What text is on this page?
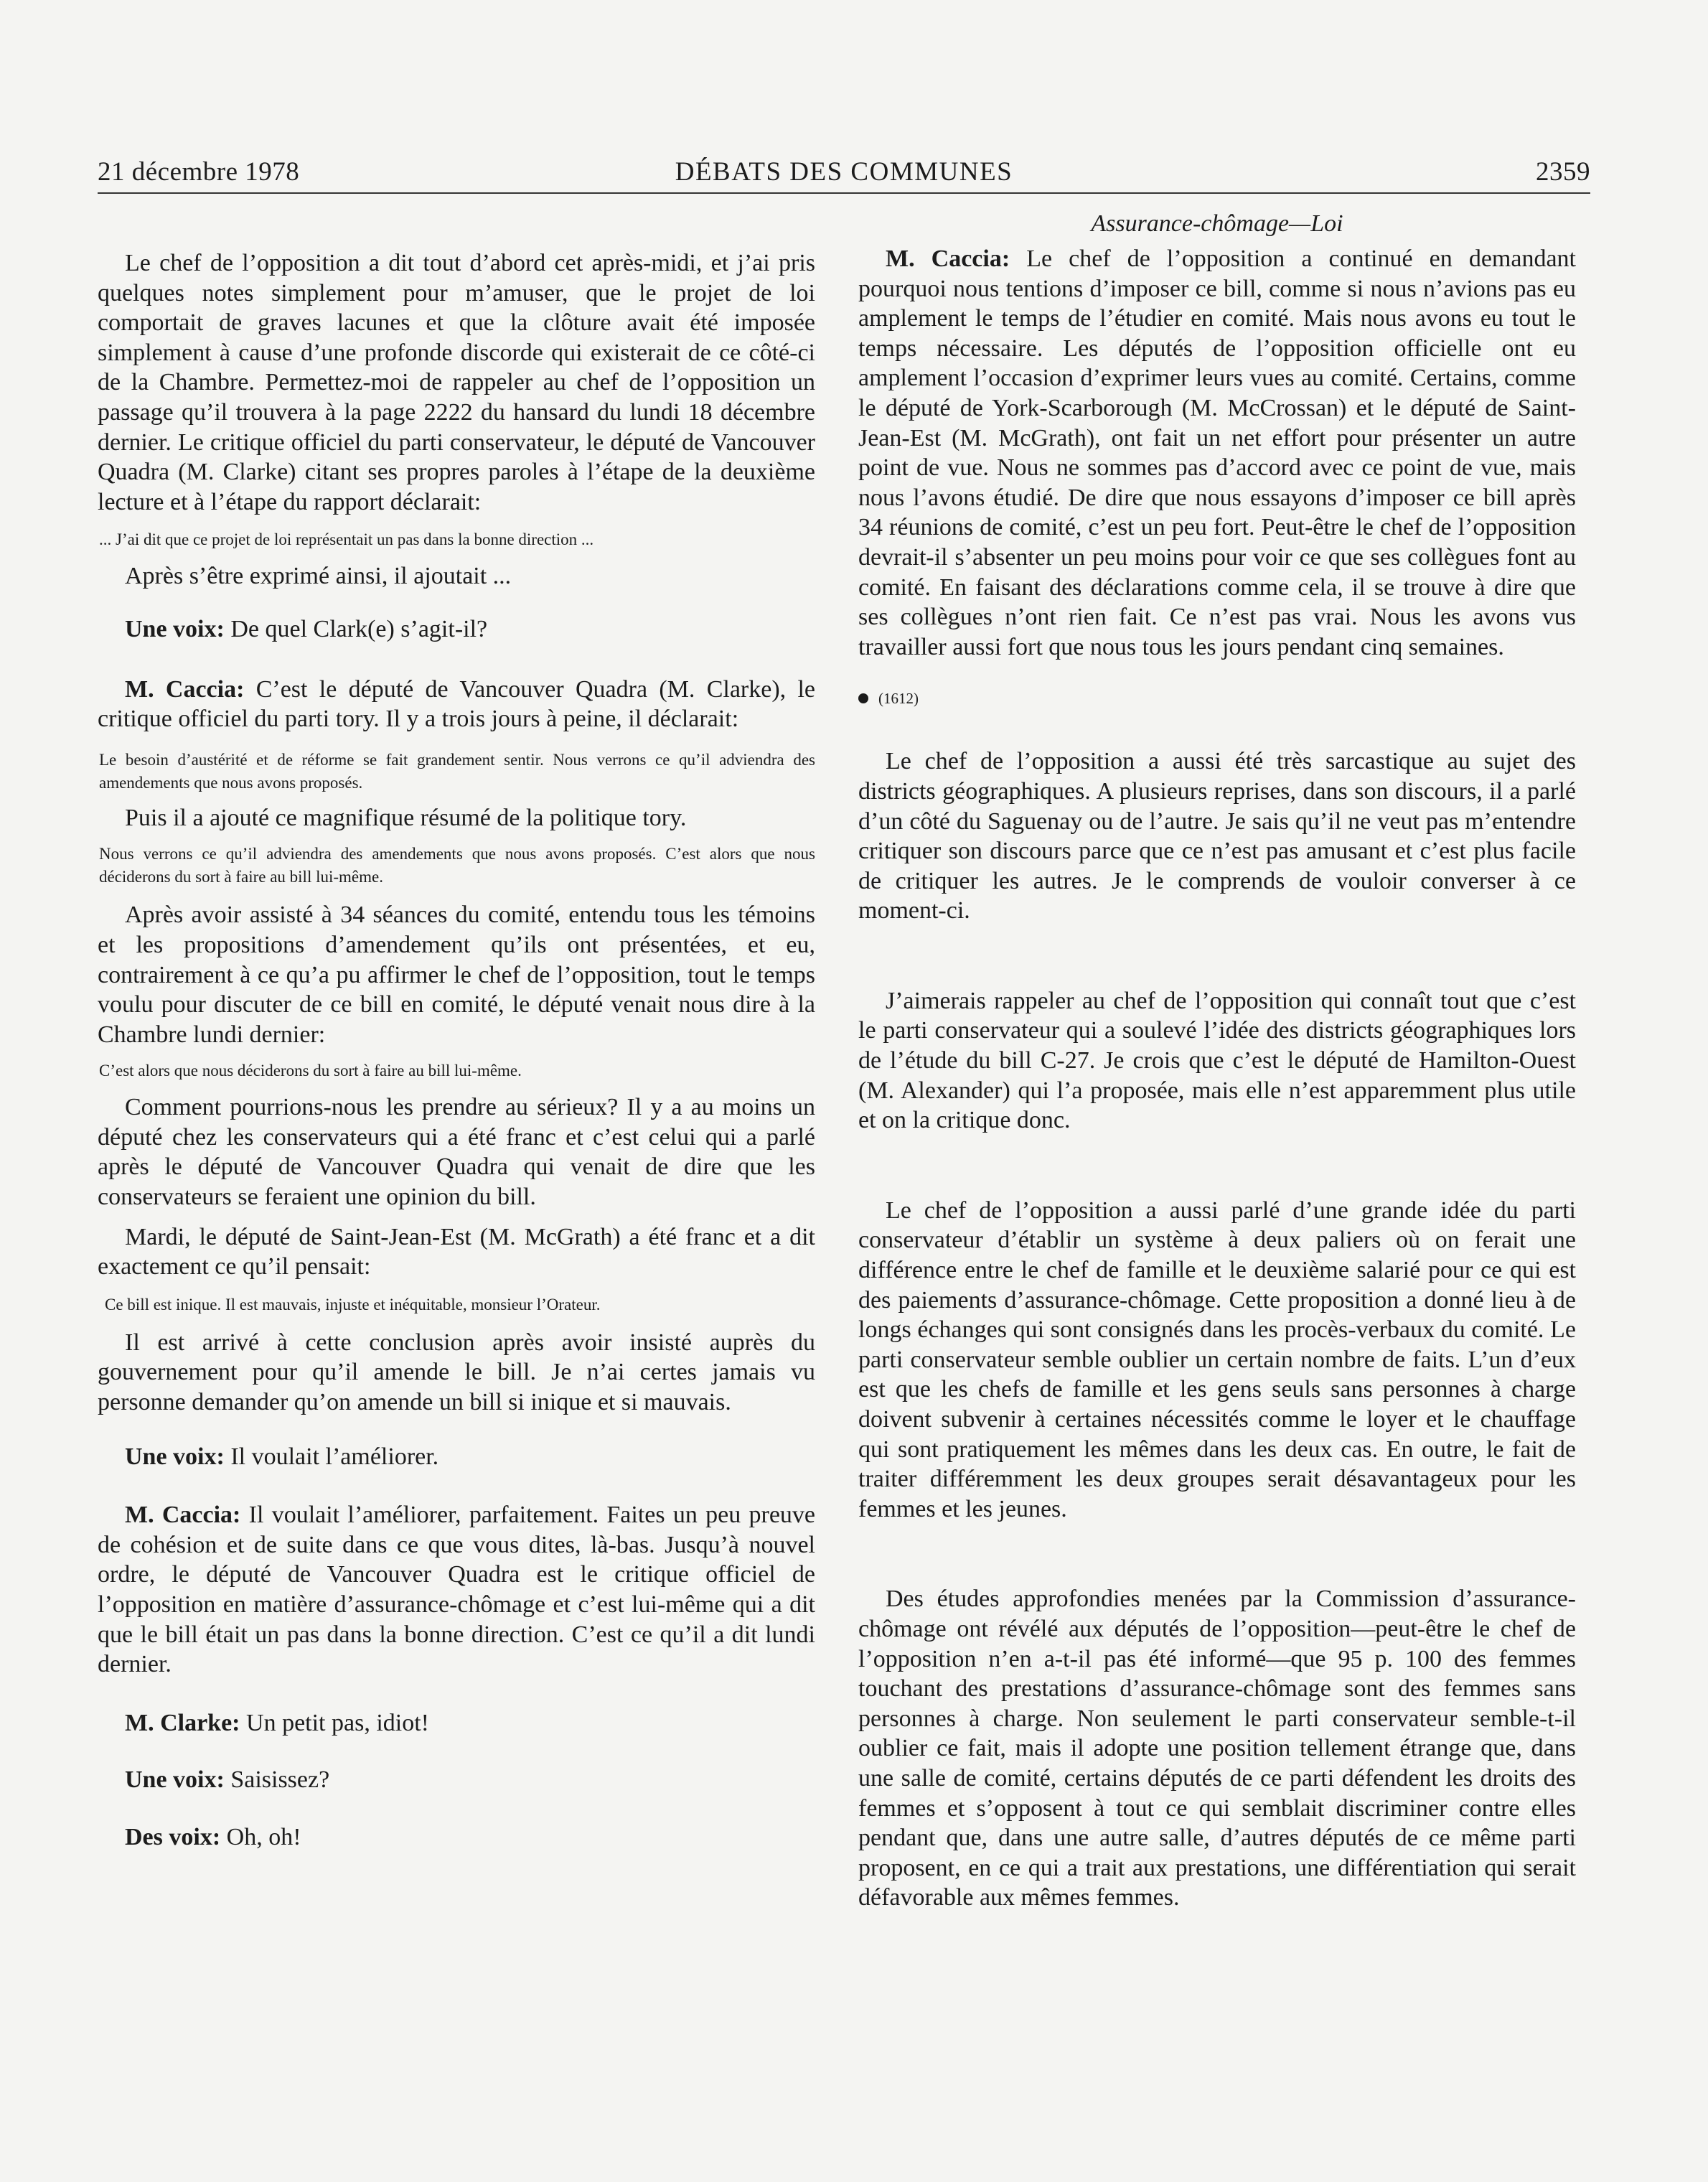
21 décembre 1978	DÉBATS DES COMMUNES	2359

Le chef de l’opposition a dit tout d’abord cet après-midi, et j’ai pris quelques notes simplement pour m’amuser, que le projet de loi comportait de graves lacunes et que la clôture avait été imposée simplement à cause d’une profonde discorde qui existerait de ce côté-ci de la Chambre. Permettez-moi de rappeler au chef de l’opposition un passage qu’il trouvera à la page 2222 du hansard du lundi 18 décembre dernier. Le critique officiel du parti conservateur, le député de Vancouver Quadra (M. Clarke) citant ses propres paroles à l’étape de la deuxième lecture et à l’étape du rapport déclarait:

... J’ai dit que ce projet de loi représentait un pas dans la bonne direction ...

Après s’être exprimé ainsi, il ajoutait ...

Une voix: De quel Clark(e) s’agit-il?

M. Caccia: C’est le député de Vancouver Quadra (M. Clarke), le critique officiel du parti tory. Il y a trois jours à peine, il déclarait:

Le besoin d’austérité et de réforme se fait grandement sentir. Nous verrons ce qu’il adviendra des amendements que nous avons proposés.

Puis il a ajouté ce magnifique résumé de la politique tory.

Nous verrons ce qu’il adviendra des amendements que nous avons proposés. C’est alors que nous déciderons du sort à faire au bill lui-même.

Après avoir assisté à 34 séances du comité, entendu tous les témoins et les propositions d’amendement qu’ils ont présentées, et eu, contrairement à ce qu’a pu affirmer le chef de l’opposition, tout le temps voulu pour discuter de ce bill en comité, le député venait nous dire à la Chambre lundi dernier:

C’est alors que nous déciderons du sort à faire au bill lui-même.

Comment pourrions-nous les prendre au sérieux? Il y a au moins un député chez les conservateurs qui a été franc et c’est celui qui a parlé après le député de Vancouver Quadra qui venait de dire que les conservateurs se feraient une opinion du bill.

Mardi, le député de Saint-Jean-Est (M. McGrath) a été franc et a dit exactement ce qu’il pensait:

Ce bill est inique. Il est mauvais, injuste et inéquitable, monsieur l’Orateur.

Il est arrivé à cette conclusion après avoir insisté auprès du gouvernement pour qu’il amende le bill. Je n’ai certes jamais vu personne demander qu’on amende un bill si inique et si mauvais.

Une voix: Il voulait l’améliorer.

M. Caccia: Il voulait l’améliorer, parfaitement. Faites un peu preuve de cohésion et de suite dans ce que vous dites, là-bas. Jusqu’à nouvel ordre, le député de Vancouver Quadra est le critique officiel de l’opposition en matière d’assurance-chômage et c’est lui-même qui a dit que le bill était un pas dans la bonne direction. C’est ce qu’il a dit lundi dernier.

M. Clarke: Un petit pas, idiot!

Une voix: Saisissez?

Des voix: Oh, oh!

Assurance-chômage—Loi

M. Caccia: Le chef de l’opposition a continué en demandant pourquoi nous tentions d’imposer ce bill, comme si nous n’avions pas eu amplement le temps de l’étudier en comité. Mais nous avons eu tout le temps nécessaire. Les députés de l’opposition officielle ont eu amplement l’occasion d’exprimer leurs vues au comité. Certains, comme le député de York-Scarborough (M. McCrossan) et le député de Saint-Jean-Est (M. McGrath), ont fait un net effort pour présenter un autre point de vue. Nous ne sommes pas d’accord avec ce point de vue, mais nous l’avons étudié. De dire que nous essayons d’imposer ce bill après 34 réunions de comité, c’est un peu fort. Peut-être le chef de l’opposition devrait-il s’absenter un peu moins pour voir ce que ses collègues font au comité. En faisant des déclarations comme cela, il se trouve à dire que ses collègues n’ont rien fait. Ce n’est pas vrai. Nous les avons vus travailler aussi fort que nous tous les jours pendant cinq semaines.

(1612)

Le chef de l’opposition a aussi été très sarcastique au sujet des districts géographiques. A plusieurs reprises, dans son discours, il a parlé d’un côté du Saguenay ou de l’autre. Je sais qu’il ne veut pas m’entendre critiquer son discours parce que ce n’est pas amusant et c’est plus facile de critiquer les autres. Je le comprends de vouloir converser à ce moment-ci.

J’aimerais rappeler au chef de l’opposition qui connaît tout que c’est le parti conservateur qui a soulevé l’idée des districts géographiques lors de l’étude du bill C-27. Je crois que c’est le député de Hamilton-Ouest (M. Alexander) qui l’a proposée, mais elle n’est apparemment plus utile et on la critique donc.

Le chef de l’opposition a aussi parlé d’une grande idée du parti conservateur d’établir un système à deux paliers où on ferait une différence entre le chef de famille et le deuxième salarié pour ce qui est des paiements d’assurance-chômage. Cette proposition a donné lieu à de longs échanges qui sont consignés dans les procès-verbaux du comité. Le parti conservateur semble oublier un certain nombre de faits. L’un d’eux est que les chefs de famille et les gens seuls sans personnes à charge doivent subvenir à certaines nécessités comme le loyer et le chauffage qui sont pratiquement les mêmes dans les deux cas. En outre, le fait de traiter différemment les deux groupes serait désavantageux pour les femmes et les jeunes.

Des études approfondies menées par la Commission d’assurance-chômage ont révélé aux députés de l’opposition—peut-être le chef de l’opposition n’en a-t-il pas été informé—que 95 p. 100 des femmes touchant des prestations d’assurance-chômage sont des femmes sans personnes à charge. Non seulement le parti conservateur semble-t-il oublier ce fait, mais il adopte une position tellement étrange que, dans une salle de comité, certains députés de ce parti défendent les droits des femmes et s’opposent à tout ce qui semblait discriminer contre elles pendant que, dans une autre salle, d’autres députés de ce même parti proposent, en ce qui a trait aux prestations, une différentiation qui serait défavorable aux mêmes femmes.
